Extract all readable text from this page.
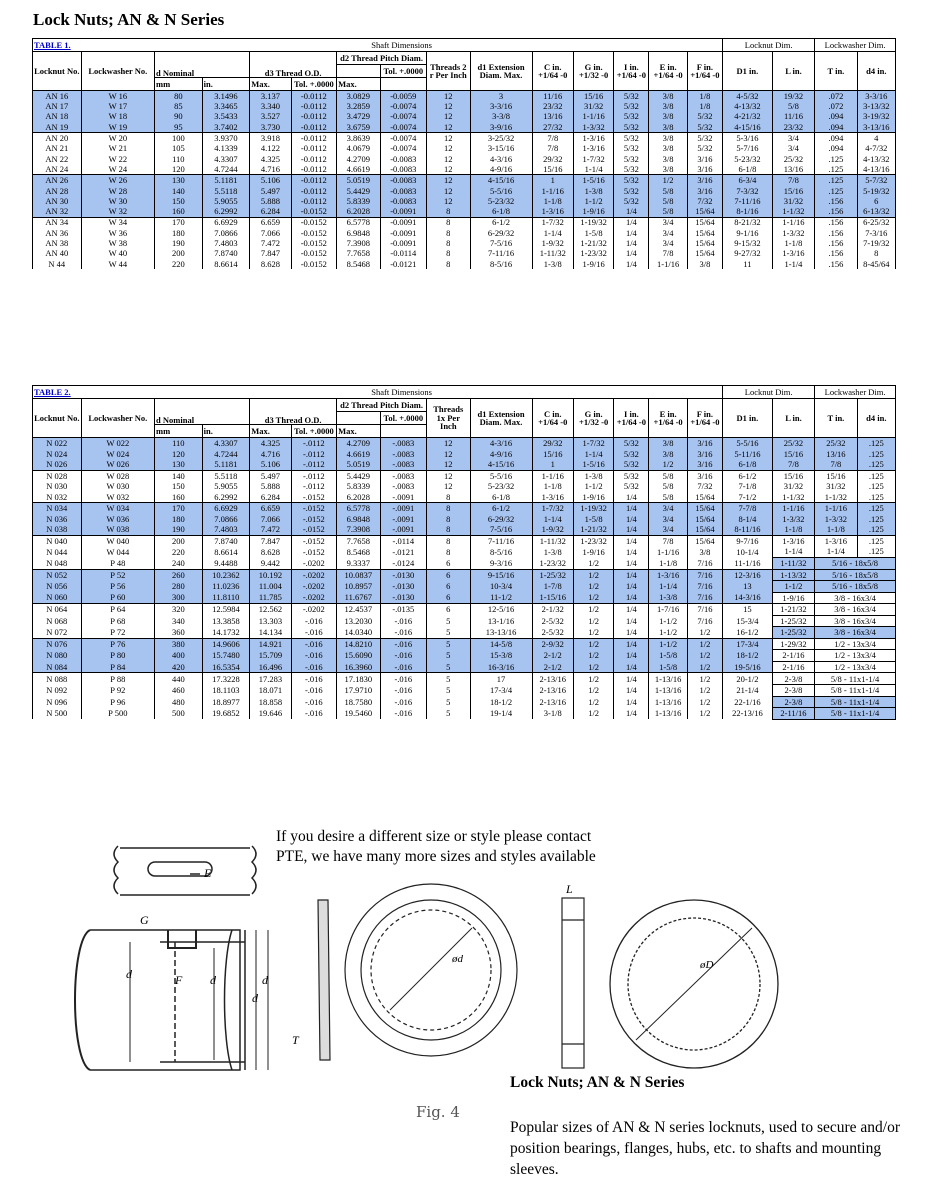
Lock Nuts; AN & N Series
TABLE 1.	Shaft Dimensions														Locknut Dim.		Lockwasher Dim.	
Locknut No.	Lockwasher No.	d Nominal		d3 Thread O.D.		d2 Thread Pitch Diam.		Threads 2 r Per Inch	d1 Extension Diam. Max.	C in. +1/64 -0	G in. +1/32 -0	I in. +1/64 -0	E in. +1/64 -0	F in. +1/64 -0	D1 in.	L in.	T in.	d4 in.
							Tol. +.0000											
		mm	in.	Max.	Tol. +.0000	Max.												
AN 16	W 16	80	3.1496	3.137	-0.0112	3.0829	-0.0059	12	3	11/16	15/16	5/32	3/8	1/8	4-5/32	19/32	.072	3-3/16
AN 17	W 17	85	3.3465	3.340	-0.0112	3.2859	-0.0074	12	3-3/16	23/32	31/32	5/32	3/8	1/8	4-13/32	5/8	.072	3-13/32
AN 18	W 18	90	3.5433	3.527	-0.0112	3.4729	-0.0074	12	3-3/8	13/16	1-1/16	5/32	3/8	5/32	4-21/32	11/16	.094	3-19/32
AN 19	W 19	95	3.7402	3.730	-0.0112	3.6759	-0.0074	12	3-9/16	27/32	1-3/32	5/32	3/8	5/32	4-15/16	23/32	.094	3-13/16
AN 20	W 20	100	3.9370	3.918	-0.0112	3.8639	-0.0074	12	3-25/32	7/8	1-3/16	5/32	3/8	5/32	5-3/16	3/4	.094	4
AN 21	W 21	105	4.1339	4.122	-0.0112	4.0679	-0.0074	12	3-15/16	7/8	1-3/16	5/32	3/8	5/32	5-7/16	3/4	.094	4-7/32
AN 22	W 22	110	4.3307	4.325	-0.0112	4.2709	-0.0083	12	4-3/16	29/32	1-7/32	5/32	3/8	3/16	5-23/32	25/32	.125	4-13/32
AN 24	W 24	120	4.7244	4.716	-0.0112	4.6619	-0.0083	12	4-9/16	15/16	1-1/4	5/32	3/8	3/16	6-1/8	13/16	.125	4-13/16
AN 26	W 26	130	5.1181	5.106	-0.0112	5.0519	-0.0083	12	4-15/16	1	1-5/16	5/32	1/2	3/16	6-3/4	7/8	.125	5-7/32
AN 28	W 28	140	5.5118	5.497	-0.0112	5.4429	-0.0083	12	5-5/16	1-1/16	1-3/8	5/32	5/8	3/16	7-3/32	15/16	.125	5-19/32
AN 30	W 30	150	5.9055	5.888	-0.0112	5.8339	-0.0083	12	5-23/32	1-1/8	1-1/2	5/32	5/8	7/32	7-11/16	31/32	.156	6
AN 32	W 32	160	6.2992	6.284	-0.0152	6.2028	-0.0091	8	6-1/8	1-3/16	1-9/16	1/4	5/8	15/64	8-1/16	1-1/32	.156	6-13/32
AN 34	W 34	170	6.6929	6.659	-0.0152	6.5778	-0.0091	8	6-1/2	1-7/32	1-19/32	1/4	3/4	15/64	8-21/32	1-1/16	.156	6-25/32
AN 36	W 36	180	7.0866	7.066	-0.0152	6.9848	-0.0091	8	6-29/32	1-1/4	1-5/8	1/4	3/4	15/64	9-1/16	1-3/32	.156	7-3/16
AN 38	W 38	190	7.4803	7.472	-0.0152	7.3908	-0.0091	8	7-5/16	1-9/32	1-21/32	1/4	3/4	15/64	9-15/32	1-1/8	.156	7-19/32
AN 40	W 40	200	7.8740	7.847	-0.0152	7.7658	-0.0114	8	7-11/16	1-11/32	1-23/32	1/4	7/8	15/64	9-27/32	1-3/16	.156	8
N 44	W 44	220	8.6614	8.628	-0.0152	8.5468	-0.0121	8	8-5/16	1-3/8	1-9/16	1/4	1-1/16	3/8	11	1-1/4	.156	8-45/64
TABLE 2.	Shaft Dimensions														Locknut Dim.		Lockwasher Dim.	
Locknut No.	Lockwasher No.	d Nominal		d3 Thread O.D.		d2 Thread Pitch Diam.		Threads 1x Per Inch	d1 Extension Diam. Max.	C in. +1/64 -0	G in. +1/32 -0	I in. +1/64 -0	E in. +1/64 -0	F in. +1/64 -0	D1 in.	L in.	T in.	d4 in.
							Tol. +.0000											
		mm	in.	Max.	Tol. +.0000	Max.												
N 022	W 022	110	4.3307	4.325	-.0112	4.2709	-.0083	12	4-3/16	29/32	1-7/32	5/32	3/8	3/16	5-5/16	25/32	25/32	.125
N 024	W 024	120	4.7244	4.716	-.0112	4.6619	-.0083	12	4-9/16	15/16	1-1/4	5/32	3/8	3/16	5-11/16	15/16	13/16	.125
N 026	W 026	130	5.1181	5.106	-.0112	5.0519	-.0083	12	4-15/16	1	1-5/16	5/32	1/2	3/16	6-1/8	7/8	7/8	.125
N 028	W 028	140	5.5118	5.497	-.0112	5.4429	-.0083	12	5-5/16	1-1/16	1-3/8	5/32	5/8	3/16	6-1/2	15/16	15/16	.125
N 030	W 030	150	5.9055	5.888	-.0112	5.8339	-.0083	12	5-23/32	1-1/8	1-1/2	5/32	5/8	7/32	7-1/8	31/32	31/32	.125
N 032	W 032	160	6.2992	6.284	-.0152	6.2028	-.0091	8	6-1/8	1-3/16	1-9/16	1/4	5/8	15/64	7-1/2	1-1/32	1-1/32	.125
N 034	W 034	170	6.6929	6.659	-.0152	6.5778	-.0091	8	6-1/2	1-7/32	1-19/32	1/4	3/4	15/64	7-7/8	1-1/16	1-1/16	.125
N 036	W 036	180	7.0866	7.066	-.0152	6.9848	-.0091	8	6-29/32	1-1/4	1-5/8	1/4	3/4	15/64	8-1/4	1-3/32	1-3/32	.125
N 038	W 038	190	7.4803	7.472	-.0152	7.3908	-.0091	8	7-5/16	1-9/32	1-21/32	1/4	3/4	15/64	8-11/16	1-1/8	1-1/8	.125
N 040	W 040	200	7.8740	7.847	-.0152	7.7658	-.0114	8	7-11/16	1-11/32	1-23/32	1/4	7/8	15/64	9-7/16	1-3/16	1-3/16	.125
N 044	W 044	220	8.6614	8.628	-.0152	8.5468	-.0121	8	8-5/16	1-3/8	1-9/16	1/4	1-1/16	3/8	10-1/4	1-1/4	1-1/4	.125
N 048	P 48	240	9.4488	9.442	-.0202	9.3337	-.0124	6	9-3/16	1-23/32	1/2	1/4	1-1/8	7/16	11-1/16	1-11/32	5/16 - 18x5/8	
N 052	P 52	260	10.2362	10.192	-.0202	10.0837	-.0130	6	9-15/16	1-25/32	1/2	1/4	1-3/16	7/16	12-3/16	1-13/32	5/16 - 18x5/8	
N 056	P 56	280	11.0236	11.004	-.0202	10.8957	-.0130	6	10-3/4	1-7/8	1/2	1/4	1-1/4	7/16	13	1-1/2	5/16 - 18x5/8	
N 060	P 60	300	11.8110	11.785	-.0202	11.6767	-.0130	6	11-1/2	1-15/16	1/2	1/4	1-3/8	7/16	14-3/16	1-9/16	3/8 - 16x3/4	
N 064	P 64	320	12.5984	12.562	-.0202	12.4537	-.0135	6	12-5/16	2-1/32	1/2	1/4	1-7/16	7/16	15	1-21/32	3/8 - 16x3/4	
N 068	P 68	340	13.3858	13.303	-.016	13.2030	-.016	5	13-1/16	2-5/32	1/2	1/4	1-1/2	7/16	15-3/4	1-25/32	3/8 - 16x3/4	
N 072	P 72	360	14.1732	14.134	-.016	14.0340	-.016	5	13-13/16	2-5/32	1/2	1/4	1-1/2	1/2	16-1/2	1-25/32	3/8 - 16x3/4	
N 076	P 76	380	14.9606	14.921	-.016	14.8210	-.016	5	14-5/8	2-9/32	1/2	1/4	1-1/2	1/2	17-3/4	1-29/32	1/2 - 13x3/4	
N 080	P 80	400	15.7480	15.709	-.016	15.6090	-.016	5	15-3/8	2-1/2	1/2	1/4	1-5/8	1/2	18-1/2	2-1/16	1/2 - 13x3/4	
N 084	P 84	420	16.5354	16.496	-.016	16.3960	-.016	5	16-3/16	2-1/2	1/2	1/4	1-5/8	1/2	19-5/16	2-1/16	1/2 - 13x3/4	
N 088	P 88	440	17.3228	17.283	-.016	17.1830	-.016	5	17	2-13/16	1/2	1/4	1-13/16	1/2	20-1/2	2-3/8	5/8 - 11x1-1/4	
N 092	P 92	460	18.1103	18.071	-.016	17.9710	-.016	5	17-3/4	2-13/16	1/2	1/4	1-13/16	1/2	21-1/4	2-3/8	5/8 - 11x1-1/4	
N 096	P 96	480	18.8977	18.858	-.016	18.7580	-.016	5	18-1/2	2-13/16	1/2	1/4	1-13/16	1/2	22-1/16	2-3/8	5/8 - 11x1-1/4	
N 500	P 500	500	19.6852	19.646	-.016	19.5460	-.016	5	19-1/4	3-1/8	1/2	1/4	1-13/16	1/2	22-13/16	2-11/16	5/8 - 11x1-1/4	
If you desire a different size or style please contact
PTE, we have many more sizes and styles available
E
G
F
d	d
d
d
T
ød
L
øD
Lock Nuts; AN & N Series
Fig. 4
Popular sizes of AN & N series locknuts, used to secure and/or position bearings, flanges, hubs, etc. to shafts and mounting sleeves.
